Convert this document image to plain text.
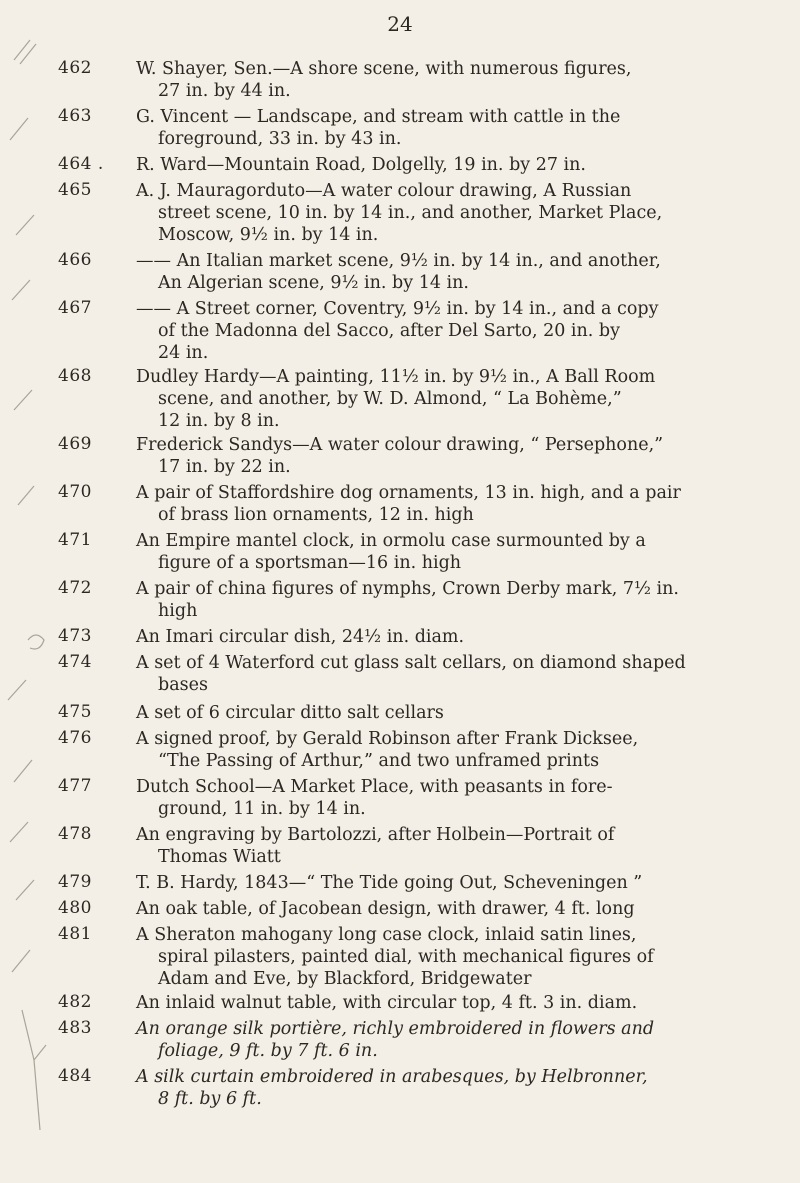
24
462	W. Shayer, Sen.—A shore scene, with numerous figures,
27 in. by 44 in.
463	G. Vincent — Landscape, and stream with cattle in the
foreground, 33 in. by 43 in.
464 . R. Ward—Mountain Road, Dolgelly, 19 in. by 27 in.
465	A. J. Mauragorduto—A water colour drawing, A Russian
street scene, 10 in. by 14 in., and another, Market Place,
Moscow, 9½ in. by 14 in.
466	—— An Italian market scene, 9½ in. by 14 in., and another,
An Algerian scene, 9½ in. by 14 in.
467	—— A Street corner, Coventry, 9½ in. by 14 in., and a copy
of the Madonna del Sacco, after Del Sarto, 20 in. by
24 in.
468	Dudley Hardy—A painting, 11½ in. by 9½ in., A Ball Room
scene, and another, by W. D. Almond, “ La Bohème,”
12 in. by 8 in.
469	Frederick Sandys—A water colour drawing, “ Persephone,”
17 in. by 22 in.
470	A pair of Staffordshire dog ornaments, 13 in. high, and a pair
of brass lion ornaments, 12 in. high
471	An Empire mantel clock, in ormolu case surmounted by a
figure of a sportsman—16 in. high
472	A pair of china figures of nymphs, Crown Derby mark, 7½ in.
high
473	An Imari circular dish, 24½ in. diam.
474	A set of 4 Waterford cut glass salt cellars, on diamond shaped
bases
475	A set of 6 circular ditto salt cellars
476	A signed proof, by Gerald Robinson after Frank Dicksee,
“The Passing of Arthur,” and two unframed prints
477	Dutch School—A Market Place, with peasants in fore-
ground, 11 in. by 14 in.
478	An engraving by Bartolozzi, after Holbein—Portrait of
Thomas Wiatt
479	T. B. Hardy, 1843—“ The Tide going Out, Scheveningen ”
480	An oak table, of Jacobean design, with drawer, 4 ft. long
481	A Sheraton mahogany long case clock, inlaid satin lines,
spiral pilasters, painted dial, with mechanical figures of
Adam and Eve, by Blackford, Bridgewater
482	An inlaid walnut table, with circular top, 4 ft. 3 in. diam.
483	An orange silk portière, richly embroidered in flowers and
foliage, 9 ft. by 7 ft. 6 in.
484	A silk curtain embroidered in arabesques, by Helbronner,
8 ft. by 6 ft.
